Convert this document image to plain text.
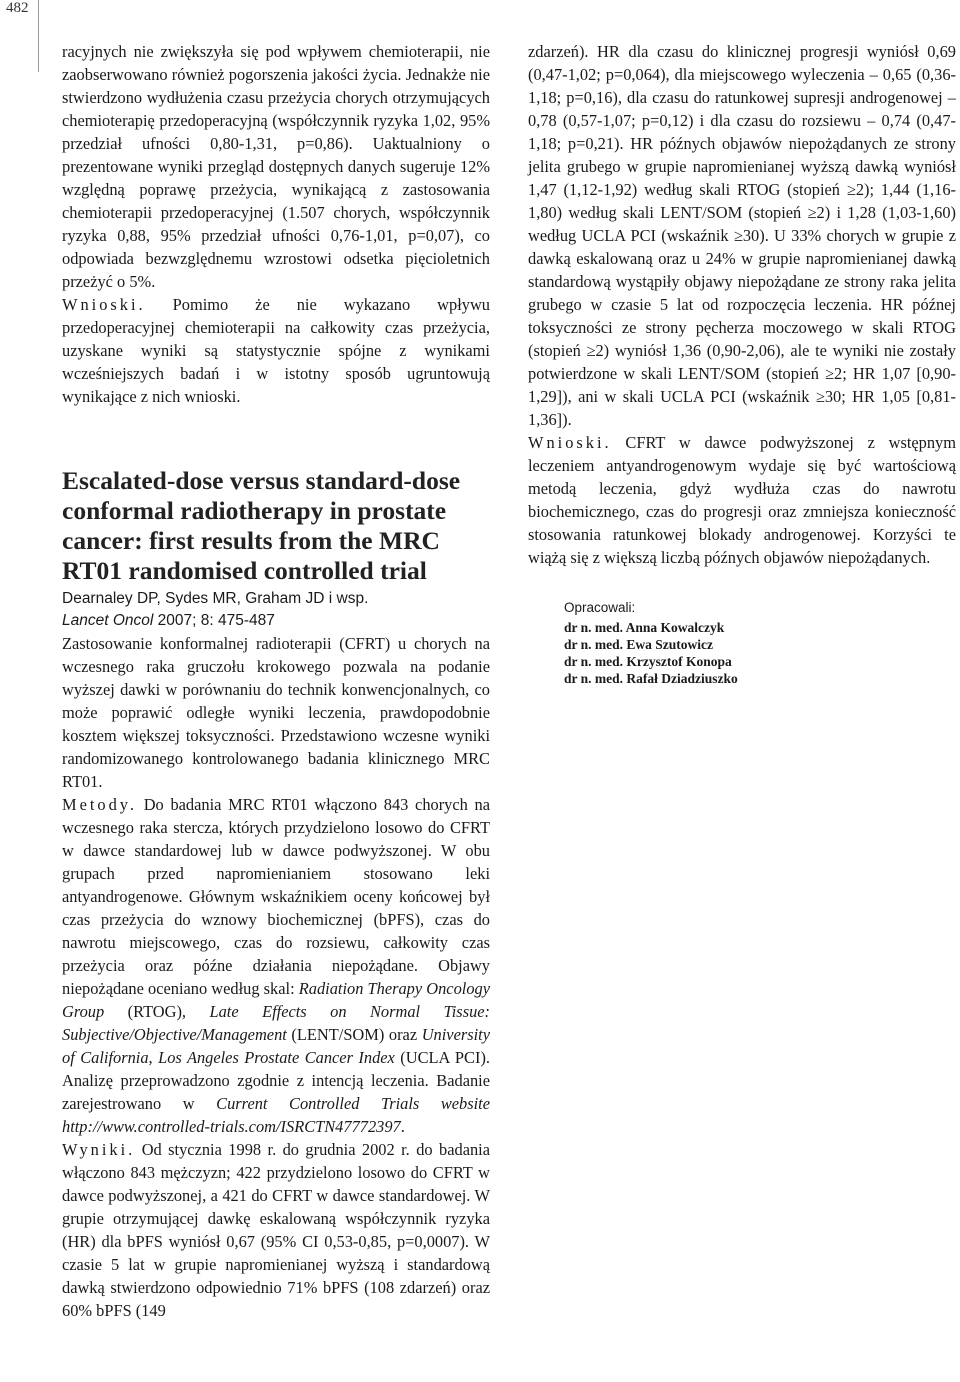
482

racyjnych nie zwiększyła się pod wpływem chemioterapii, nie zaobserwowano również pogorszenia jakości życia. Jednakże nie stwierdzono wydłużenia czasu przeżycia chorych otrzymujących chemioterapię przedoperacyjną (współczynnik ryzyka 1,02, 95% przedział ufności 0,80-1,31, p=0,86). Uaktualniony o prezentowane wyniki przegląd dostępnych danych sugeruje 12% względną poprawę przeżycia, wynikającą z zastosowania chemioterapii przedoperacyjnej (1.507 chorych, współczynnik ryzyka 0,88, 95% przedział ufności 0,76-1,01, p=0,07), co odpowiada bezwzględnemu wzrostowi odsetka pięcioletnich przeżyć o 5%.

Wnioski. Pomimo że nie wykazano wpływu przedoperacyjnej chemioterapii na całkowity czas przeżycia, uzyskane wyniki są statystycznie spójne z wynikami wcześniejszych badań i w istotny sposób ugruntowują wynikające z nich wnioski.

Escalated-dose versus standard-dose conformal radiotherapy in prostate cancer: first results from the MRC RT01 randomised controlled trial
Dearnaley DP, Sydes MR, Graham JD i wsp.
Lancet Oncol 2007; 8: 475-487

Zastosowanie konformalnej radioterapii (CFRT) u chorych na wczesnego raka gruczołu krokowego pozwala na podanie wyższej dawki w porównaniu do technik konwencjonalnych, co może poprawić odległe wyniki leczenia, prawdopodobnie kosztem większej toksyczności. Przedstawiono wczesne wyniki randomizowanego kontrolowanego badania klinicznego MRC RT01.

Metody. Do badania MRC RT01 włączono 843 chorych na wczesnego raka stercza, których przydzielono losowo do CFRT w dawce standardowej lub w dawce podwyższonej. W obu grupach przed napromienianiem stosowano leki antyandrogenowe. Głównym wskaźnikiem oceny końcowej był czas przeżycia do wznowy biochemicznej (bPFS), czas do nawrotu miejscowego, czas do rozsiewu, całkowity czas przeżycia oraz późne działania niepożądane. Objawy niepożądane oceniano według skal: Radiation Therapy Oncology Group (RTOG), Late Effects on Normal Tissue: Subjective/Objective/Management (LENT/SOM) oraz University of California, Los Angeles Prostate Cancer Index (UCLA PCI). Analizę przeprowadzono zgodnie z intencją leczenia. Badanie zarejestrowano w Current Controlled Trials website http://www.controlled-trials.com/ISRCTN47772397.

Wyniki. Od stycznia 1998 r. do grudnia 2002 r. do badania włączono 843 mężczyzn; 422 przydzielono losowo do CFRT w dawce podwyższonej, a 421 do CFRT w dawce standardowej. W grupie otrzymującej dawkę eskalowaną współczynnik ryzyka (HR) dla bPFS wyniósł 0,67 (95% CI 0,53-0,85, p=0,0007). W czasie 5 lat w grupie napromienianej wyższą i standardową dawką stwierdzono odpowiednio 71% bPFS (108 zdarzeń) oraz 60% bPFS (149

zdarzeń). HR dla czasu do klinicznej progresji wyniósł 0,69 (0,47-1,02; p=0,064), dla miejscowego wyleczenia – 0,65 (0,36-1,18; p=0,16), dla czasu do ratunkowej supresji androgenowej – 0,78 (0,57-1,07; p=0,12) i dla czasu do rozsiewu – 0,74 (0,47-1,18; p=0,21). HR późnych objawów niepożądanych ze strony jelita grubego w grupie napromienianej wyższą dawką wyniósł 1,47 (1,12-1,92) według skali RTOG (stopień ≥2); 1,44 (1,16-1,80) według skali LENT/SOM (stopień ≥2) i 1,28 (1,03-1,60) według UCLA PCI (wskaźnik ≥30). U 33% chorych w grupie z dawką eskalowaną oraz u 24% w grupie napromienianej dawką standardową wystąpiły objawy niepożądane ze strony raka jelita grubego w czasie 5 lat od rozpoczęcia leczenia. HR późnej toksyczności ze strony pęcherza moczowego w skali RTOG (stopień ≥2) wyniósł 1,36 (0,90-2,06), ale te wyniki nie zostały potwierdzone w skali LENT/SOM (stopień ≥2; HR 1,07 [0,90-1,29]), ani w skali UCLA PCI (wskaźnik ≥30; HR 1,05 [0,81-1,36]).

Wnioski. CFRT w dawce podwyższonej z wstępnym leczeniem antyandrogenowym wydaje się być wartościową metodą leczenia, gdyż wydłuża czas do nawrotu biochemicznego, czas do progresji oraz zmniejsza konieczność stosowania ratunkowej blokady androgenowej. Korzyści te wiążą się z większą liczbą późnych objawów niepożądanych.

Opracowali:
dr n. med. Anna Kowalczyk
dr n. med. Ewa Szutowicz
dr n. med. Krzysztof Konopa
dr n. med. Rafał Dziadziuszko
